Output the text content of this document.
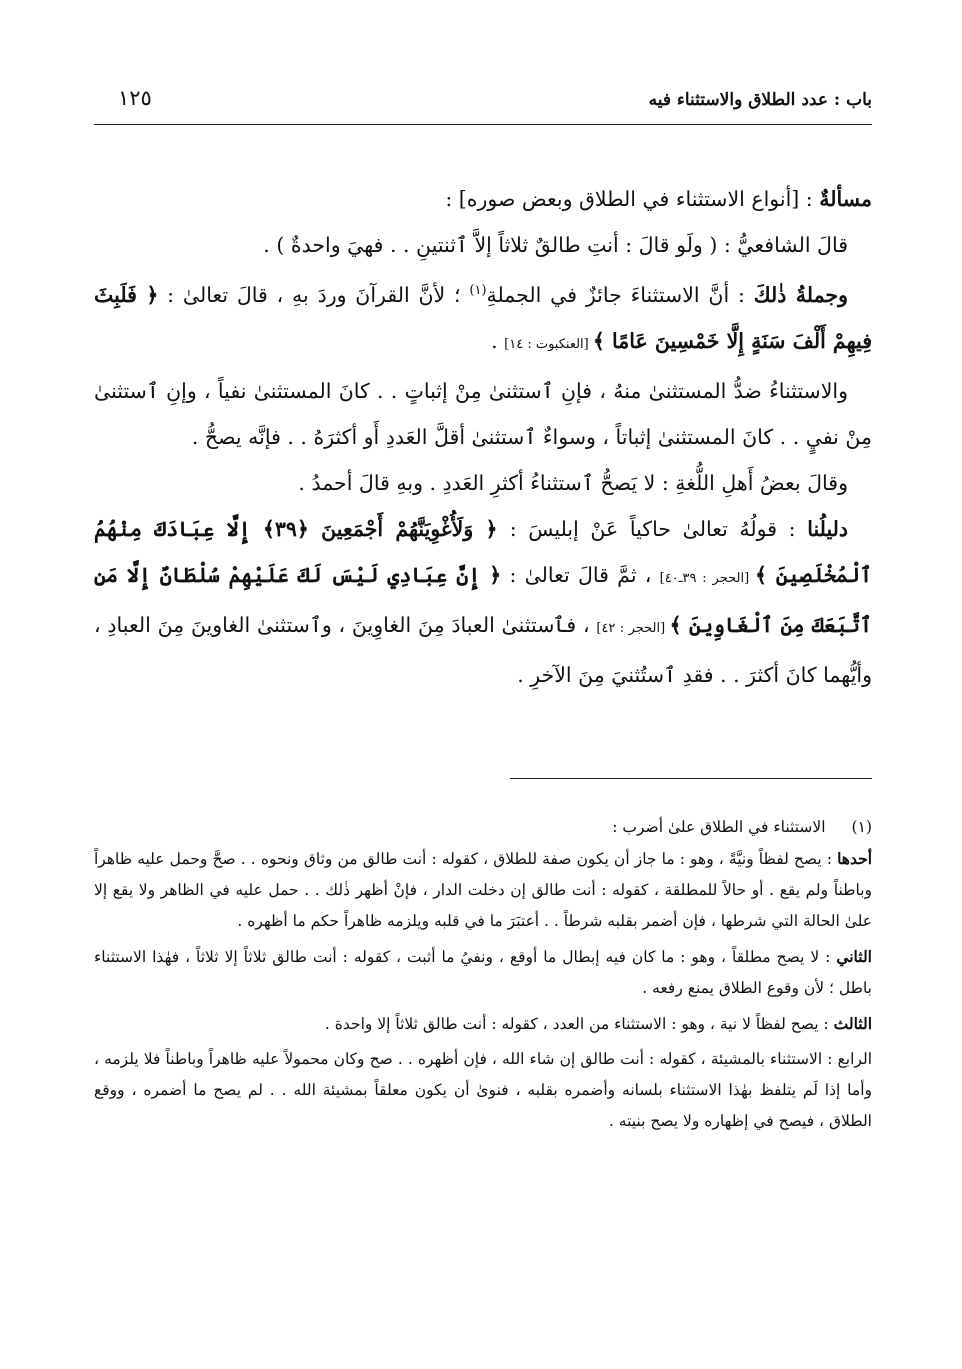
باب : عدد الطلاق والاستثناء فيه
١٢٥

مسألةٌ : [أنواع الاستثناء في الطلاق وبعض صوره] :

قالَ الشافعيُّ : ( ولَو قالَ : أنتِ طالقٌ ثلاثاً إلاَّ ٱثنتينِ . . فهيَ واحدةٌ ) .

وجملةُ ذٰلكَ : أنَّ الاستثناءَ جائزٌ في الجملةِ$^{(١)}$ ؛ لأنَّ القرآنَ وردَ بهِ ، قالَ تعالىٰ : ﴿ فَلَبِثَ فِيهِمْ أَلْفَ سَنَةٍ إِلَّا خَمْسِينَ عَامًا ﴾ [العنكبوت : ١٤] .

والاستثناءُ ضدُّ المستثنىٰ منهُ ، فإنِ ٱستثنىٰ مِنْ إثباتٍ . . كانَ المستثنىٰ نفياً ، وإنِ ٱستثنىٰ مِنْ نفيٍ . . كانَ المستثنىٰ إثباتاً ، وسواءٌ ٱستثنىٰ أقلَّ العَددِ أَو أكثرَهُ . . فإنَّه يصحُّ .

وقالَ بعضُ أَهلِ اللُّغةِ : لا يَصحُّ ٱستثناءُ أكثرِ العَددِ . وبهِ قالَ أحمدُ .

دليلُنا : قولُهُ تعالىٰ حاكياً عَنْ إبليسَ : ﴿ وَلَأُغْوِيَنَّهُمْ أَجْمَعِينَ ﴿٣٩﴾ إِلَّا عِبَادَكَ مِنْهُمُ ٱلْمُخْلَصِينَ ﴾ [الحجر : ٣٩ـ٤٠] ، ثمَّ قالَ تعالىٰ : ﴿ إِنَّ عِبَادِي لَيْسَ لَكَ عَلَيْهِمْ سُلْطَانٌ إِلَّا مَنِ ٱتَّبَعَكَ مِنَ ٱلْغَاوِينَ ﴾ [الحجر : ٤٢] ، فٱستثنىٰ العبادَ مِنَ الغاوِينَ ، وٱستثنىٰ الغاوينَ مِنَ العبادِ ، وأيُّهما كانَ أكثرَ . . فقدِ ٱستُثنيَ مِنَ الآخرِ .

(١)
الاستثناء في الطلاق علىٰ أضرب :

أحدها : يصح لفظاً ونيَّةً ، وهو : ما جاز أن يكون صفة للطلاق ، كقوله : أنت طالق من وثاق ونحوه . . صحَّ وحمل عليه ظاهراً وباطناً ولم يقع . أو حالاً للمطلقة ، كقوله : أنت طالق إن دخلت الدار ، فإنْ أظهر ذٰلك . . حمل عليه في الظاهر ولا يقع إلا علىٰ الحالة التي شرطها ، فإن أضمر بقلبه شرطاً . . أعتبَرَ ما في قلبه ويلزمه ظاهراً حكم ما أظهره .

الثاني : لا يصح مطلقاً ، وهو : ما كان فيه إبطال ما أوقع ، ونفيُ ما أثبت ، كقوله : أنت طالق ثلاثاً إلا ثلاثاً ، فهٰذا الاستثناء باطل ؛ لأن وقوع الطلاق يمنع رفعه .

الثالث : يصح لفظاً لا نية ، وهو : الاستثناء من العدد ، كقوله : أنت طالق ثلاثاً إلا واحدة .

الرابع : الاستثناء بالمشيئة ، كقوله : أنت طالق إن شاء الله ، فإن أظهره . . صح وكان محمولاً عليه ظاهراً وباطناً فلا يلزمه ، وأما إذا لَم يتلفظ بهٰذا الاستثناء بلسانه وأضمره بقلبه ، فنوىٰ أن يكون معلقاً بمشيئة الله . . لم يصح ما أضمره ، ووقع الطلاق ، فيصح في إظهاره ولا يصح بنيته .
